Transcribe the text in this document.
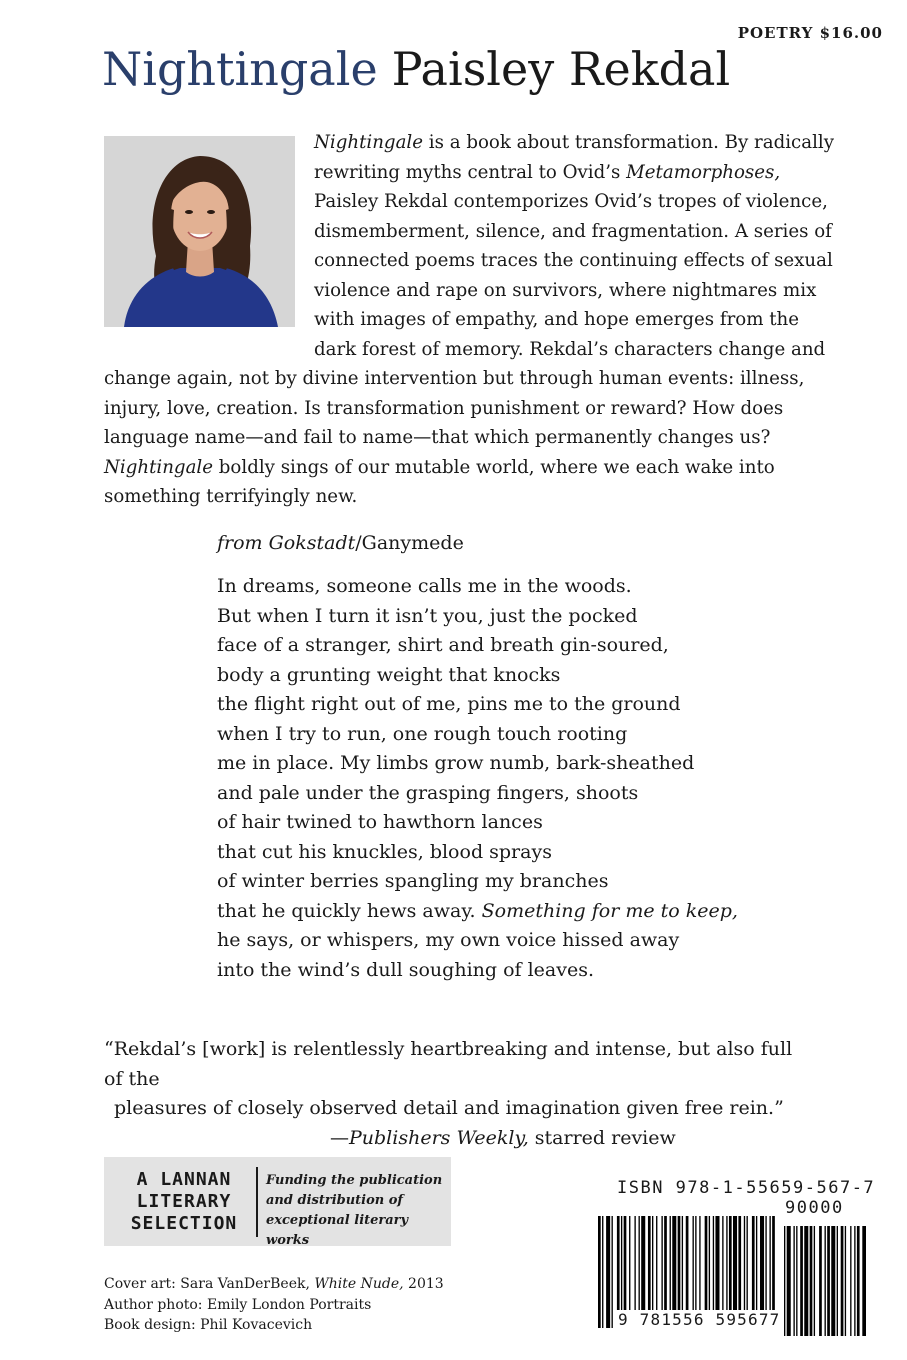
POETRY $16.00
Nightingale Paisley Rekdal
Nightingale is a book about transformation. By radically rewriting myths central to Ovid’s Metamorphoses, Paisley Rekdal contemporizes Ovid’s tropes of violence, dismemberment, silence, and fragmentation. A series of connected poems traces the continuing effects of sexual violence and rape on survivors, where nightmares mix with images of empathy, and hope emerges from the dark forest of memory. Rekdal’s characters change and change again, not by divine intervention but through human events: illness, injury, love, creation. Is transformation punishment or reward? How does language name—and fail to name—that which permanently changes us? Nightingale boldly sings of our mutable world, where we each wake into something terrifyingly new.
from Gokstadt/Ganymede
In dreams, someone calls me in the woods.
But when I turn it isn’t you, just the pocked
face of a stranger, shirt and breath gin-soured,
body a grunting weight that knocks
the flight right out of me, pins me to the ground
when I try to run, one rough touch rooting
me in place. My limbs grow numb, bark-sheathed
and pale under the grasping fingers, shoots
of hair twined to hawthorn lances
that cut his knuckles, blood sprays
of winter berries spangling my branches
that he quickly hews away. Something for me to keep,
he says, or whispers, my own voice hissed away
into the wind’s dull soughing of leaves.
“Rekdal’s [work] is relentlessly heartbreaking and intense, but also full of the
pleasures of closely observed detail and imagination given free rein.”
—Publishers Weekly, starred review
A LANNAN
LITERARY
SELECTION
Funding the publication
and distribution of
exceptional literary works
ISBN 978-1-55659-567-7
90000
9 781556 595677
Cover art: Sara VanDerBeek, White Nude, 2013
Author photo: Emily London Portraits
Book design: Phil Kovacevich
